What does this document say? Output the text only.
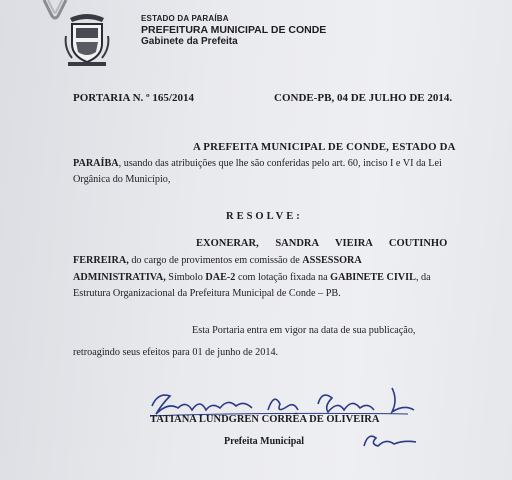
ESTADO DA PARAÍBA
PREFEITURA MUNICIPAL DE CONDE
Gabinete da Prefeita
PORTARIA N. º 165/2014	CONDE-PB, 04 DE JULHO DE 2014.
A PREFEITA MUNICIPAL DE CONDE, ESTADO DA
PARAÍBA, usando das atribuições que lhe são conferidas pelo art. 60, inciso I e VI da Lei
Orgânica do Município,
RESOLVE:
EXONERAR, SANDRA VIEIRA COUTINHO
FERREIRA, do cargo de provimentos em comissão de ASSESSORA
ADMINISTRATIVA, Símbolo DAE-2 com lotação fixada na GABINETE CIVIL, da
Estrutura Organizacional da Prefeitura Municipal de Conde – PB.
Esta Portaria entra em vigor na data de sua publicação,
retroagindo seus efeitos para 01 de junho de 2014.
TATIANA LUNDGREN CORRÊA DE OLIVEIRA
Prefeita Municipal
